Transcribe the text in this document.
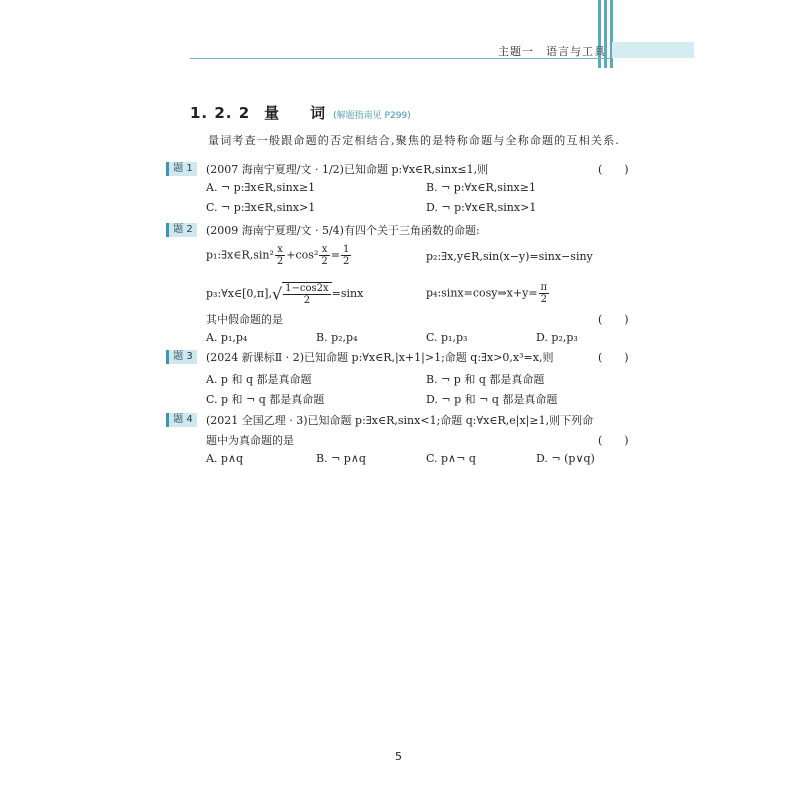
主题一　语言与工具
1. 2. 2 量　词(解题指南见 P299)
量词考查一般跟命题的否定相结合,聚焦的是特称命题与全称命题的互相关系.
题 1	(2007 海南宁夏理/文 · 1/2)已知命题 p:∀x∈R,sinx≤1,则	(　　)
A. ¬ p:∃x∈R,sinx≥1	B. ¬ p:∀x∈R,sinx≥1
C. ¬ p:∃x∈R,sinx>1	D. ¬ p:∀x∈R,sinx>1
题 2	(2009 海南宁夏理/文 · 5/4)有四个关于三角函数的命题:
p₁:∃x∈R,sin² $\frac{x}{2} +\cos^2 \frac{x}{2} = \frac{1}{2}$	p₂:∃x,y∈R,sin(x−y)=sinx−siny
p₃:∀x∈[0,π],√ $\frac{1-\cos 2x}{2} =\sin x$	p₄:sinx=cosy⇒x+y= $\frac{\pi}{2}$
其中假命题的是	(　　)
A. p₁,p₄	B. p₂,p₄	C. p₁,p₃	D. p₂,p₃
题 3	(2024 新课标Ⅱ · 2)已知命题 p:∀x∈R,|x+1|>1;命题 q:∃x>0,x³=x,则	(　　)
A. p 和 q 都是真命题	B. ¬ p 和 q 都是真命题
C. p 和 ¬ q 都是真命题	D. ¬ p 和 ¬ q 都是真命题
题 4	(2021 全国乙理 · 3)已知命题 p:∃x∈R,sinx<1;命题 q:∀x∈R,e|x|≥1,则下列命
题中为真命题的是	(　　)
A. p∧q	B. ¬ p∧q	C. p∧¬ q	D. ¬ (p∨q)
5
